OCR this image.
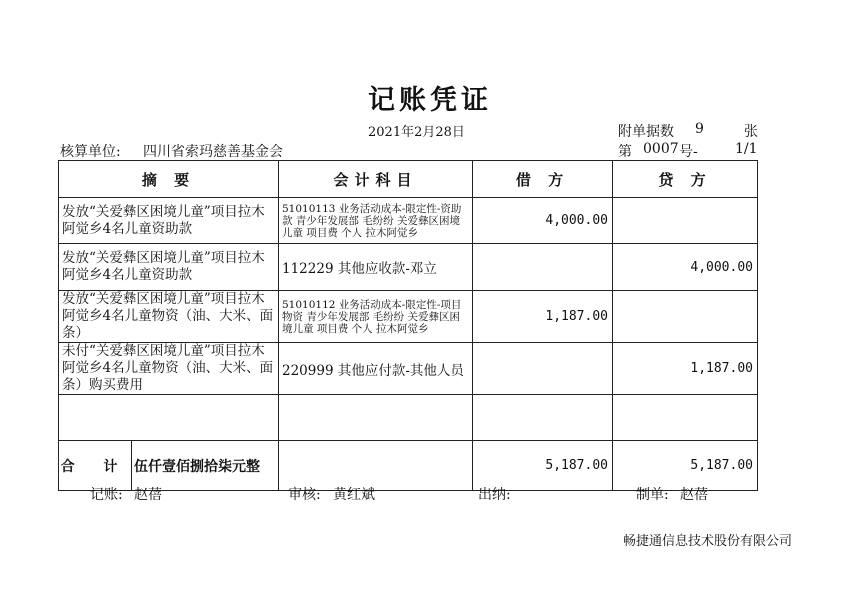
记账凭证
2021年2月28日	附单据数 9	张
核算单位: 四川省索玛慈善基金会	第 0007 号-	1/1
摘 要	会计科目	借 方	贷 方
发放“关爱彝区困境儿童”项目拉木阿觉乡4名儿童资助款	51010113 业务活动成本-限定性-资助款 青少年发展部 毛纷纷 关爱彝区困境儿童 项目费 个人 拉木阿觉乡	4,000.00	
发放“关爱彝区困境儿童”项目拉木阿觉乡4名儿童资助款	112229 其他应收款-邓立		4,000.00
发放“关爱彝区困境儿童”项目拉木阿觉乡4名儿童物资（油、大米、面条）	51010112 业务活动成本-限定性-项目物资 青少年发展部 毛纷纷 关爱彝区困境儿童 项目费 个人 拉木阿觉乡	1,187.00	
未付“关爱彝区困境儿童”项目拉木阿觉乡4名儿童物资（油、大米、面条）购买费用	220999 其他应付款-其他人员		1,187.00

合 计 伍仟壹佰捌拾柒元整		5,187.00	5,187.00
记账: 赵蓓	审核: 黄红斌	出纳:	制单: 赵蓓
畅捷通信息技术股份有限公司
